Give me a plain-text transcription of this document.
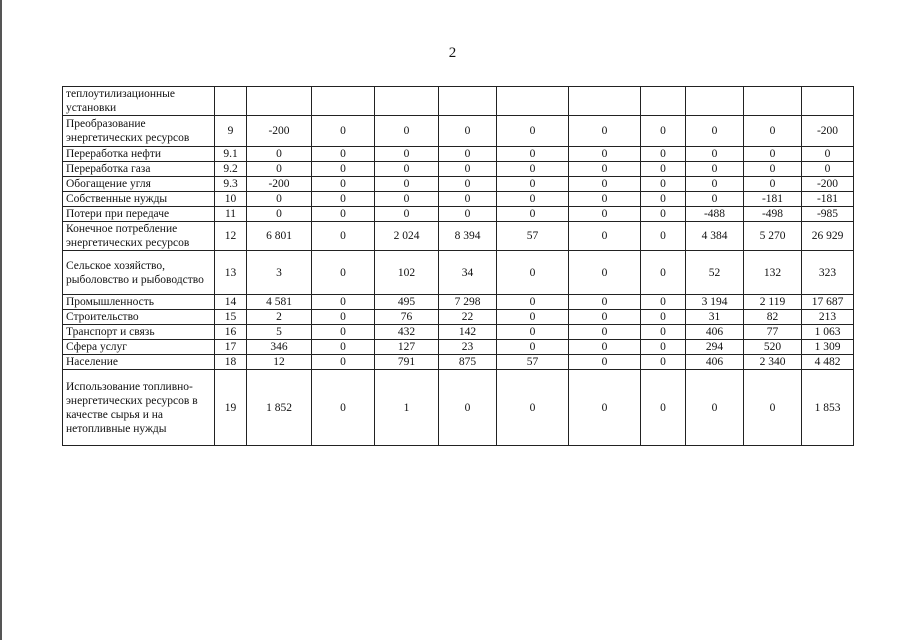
2
теплоутилизационные установки											
Преобразование энергетических ресурсов	9	-200	0	0	0	0	0	0	0	0	-200
Переработка нефти	9.1	0	0	0	0	0	0	0	0	0	0
Переработка газа	9.2	0	0	0	0	0	0	0	0	0	0
Обогащение угля	9.3	-200	0	0	0	0	0	0	0	0	-200
Собственные нужды	10	0	0	0	0	0	0	0	0	-181	-181
Потери при передаче	11	0	0	0	0	0	0	0	-488	-498	-985
Конечное потребление энергетических ресурсов	12	6 801	0	2 024	8 394	57	0	0	4 384	5 270	26 929
Сельское хозяйство, рыболовство и рыбоводство	13	3	0	102	34	0	0	0	52	132	323
Промышленность	14	4 581	0	495	7 298	0	0	0	3 194	2 119	17 687
Строительство	15	2	0	76	22	0	0	0	31	82	213
Транспорт и связь	16	5	0	432	142	0	0	0	406	77	1 063
Сфера услуг	17	346	0	127	23	0	0	0	294	520	1 309
Население	18	12	0	791	875	57	0	0	406	2 340	4 482
Использование топливно-энергетических ресурсов в качестве сырья и на нетопливные нужды	19	1 852	0	1	0	0	0	0	0	0	1 853
